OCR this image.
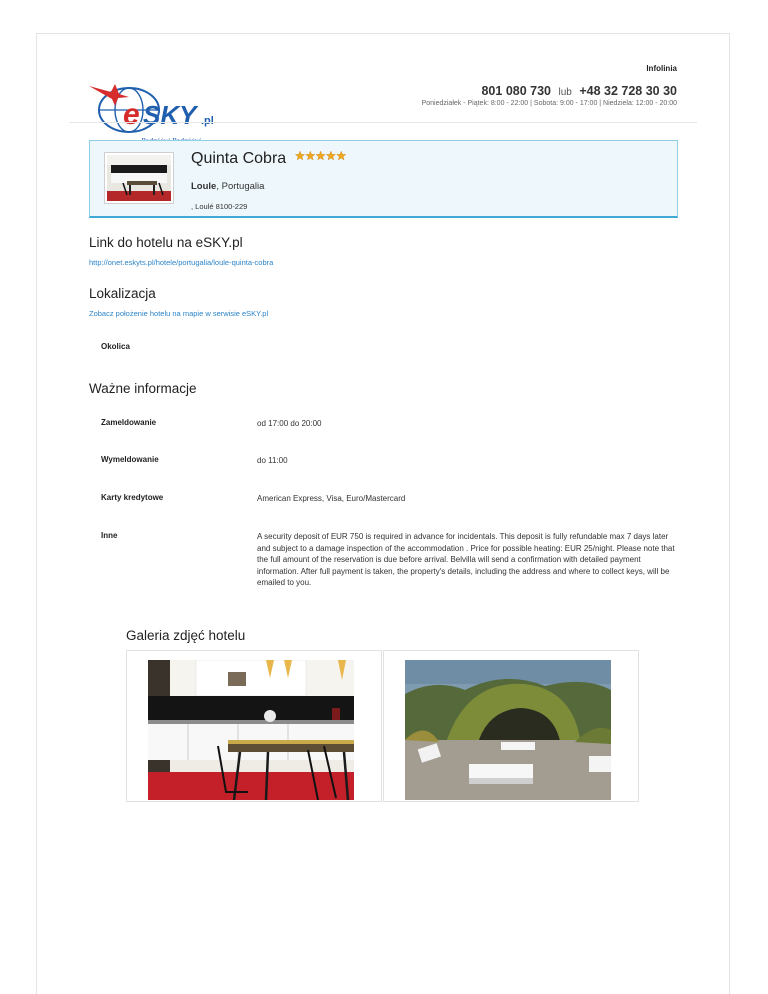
e SKY .pl
Infolinia
801 080 730 lub +48 32 728 30 30
Poniedziałek - Piątek: 8:00 - 22:00 | Sobota: 9:00 - 17:00 | Niedziela: 12:00 - 20:00
Quinta Cobra
Loule, Portugalia
, Loulé 8100-229
Link do hotelu na eSKY.pl
http://onet.eskyts.pl/hotele/portugalia/loule-quinta-cobra
Lokalizacja
Zobacz położenie hotelu na mapie w serwisie eSKY.pl
Okolica
Ważne informacje
Zameldowanie	od 17:00 do 20:00
Wymeldowanie	do 11:00
Karty kredytowe	American Express, Visa, Euro/Mastercard
Inne	A security deposit of EUR 750 is required in advance for incidentals. This deposit is fully refundable max 7 days later and subject to a damage inspection of the accommodation . Price for possible heating: EUR 25/night. Please note that the full amount of the reservation is due before arrival. Belvilla will send a confirmation with detailed payment information. After full payment is taken, the property's details, including the address and where to collect keys, will be emailed to you.
Galeria zdjęć hotelu
